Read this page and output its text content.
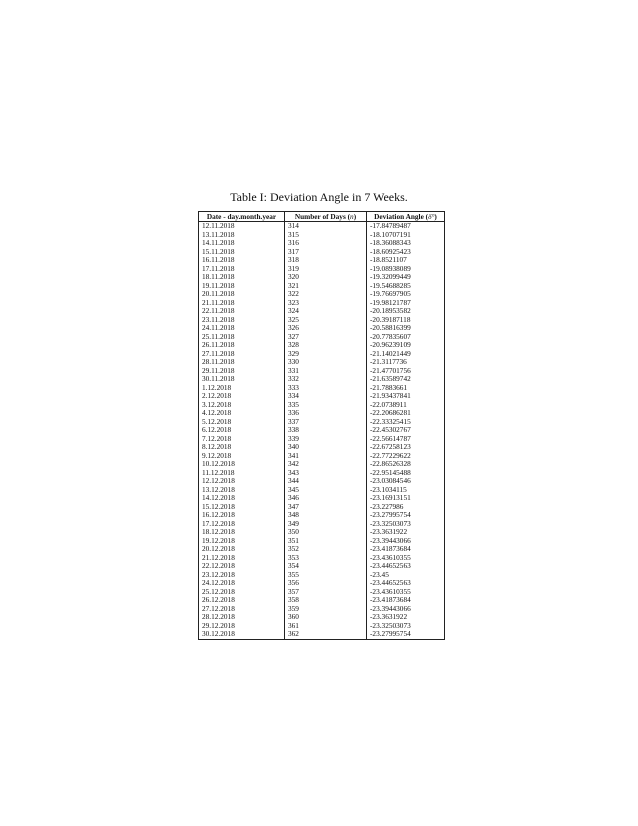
Table I: Deviation Angle in 7 Weeks.
Date - day.month.year	Number of Days (n)	Deviation Angle (δ°)
12.11.2018	314	-17.84789487
13.11.2018	315	-18.10707191
14.11.2018	316	-18.36088343
15.11.2018	317	-18.60925423
16.11.2018	318	-18.8521107
17.11.2018	319	-19.08938089
18.11.2018	320	-19.32099449
19.11.2018	321	-19.54688285
20.11.2018	322	-19.76697905
21.11.2018	323	-19.98121787
22.11.2018	324	-20.18953582
23.11.2018	325	-20.39187118
24.11.2018	326	-20.58816399
25.11.2018	327	-20.77835607
26.11.2018	328	-20.96239109
27.11.2018	329	-21.14021449
28.11.2018	330	-21.3117736
29.11.2018	331	-21.47701756
30.11.2018	332	-21.63589742
1.12.2018	333	-21.7883661
2.12.2018	334	-21.93437841
3.12.2018	335	-22.0738911
4.12.2018	336	-22.20686281
5.12.2018	337	-22.33325415
6.12.2018	338	-22.45302767
7.12.2018	339	-22.56614787
8.12.2018	340	-22.67258123
9.12.2018	341	-22.77229622
10.12.2018	342	-22.86526328
11.12.2018	343	-22.95145488
12.12.2018	344	-23.03084546
13.12.2018	345	-23.1034115
14.12.2018	346	-23.16913151
15.12.2018	347	-23.227986
16.12.2018	348	-23.27995754
17.12.2018	349	-23.32503073
18.12.2018	350	-23.3631922
19.12.2018	351	-23.39443066
20.12.2018	352	-23.41873684
21.12.2018	353	-23.43610355
22.12.2018	354	-23.44652563
23.12.2018	355	-23.45
24.12.2018	356	-23.44652563
25.12.2018	357	-23.43610355
26.12.2018	358	-23.41873684
27.12.2018	359	-23.39443066
28.12.2018	360	-23.3631922
29.12.2018	361	-23.32503073
30.12.2018	362	-23.27995754
